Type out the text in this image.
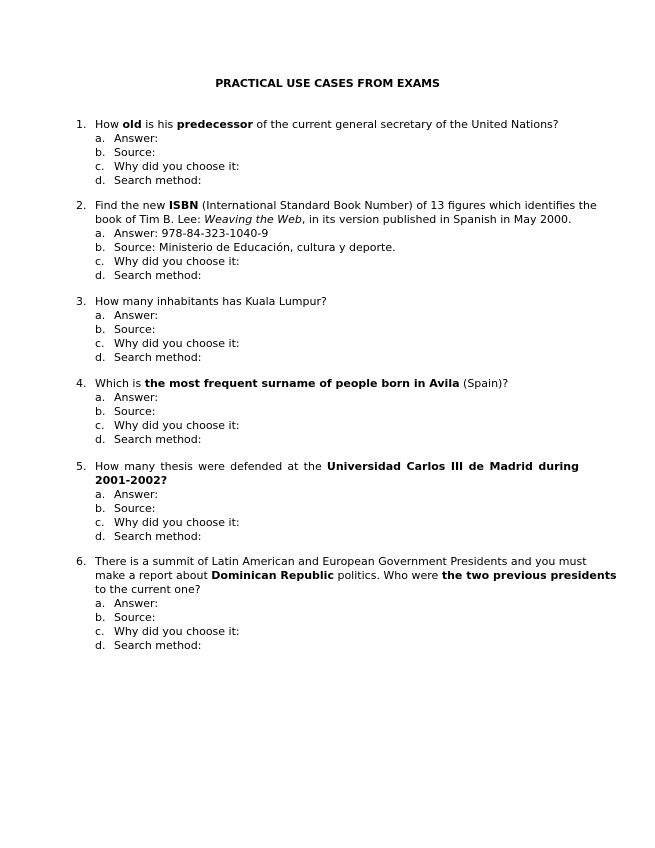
PRACTICAL USE CASES FROM EXAMS
1. How old is his predecessor of the current general secretary of the United Nations?
a. Answer:
b. Source:
c. Why did you choose it:
d. Search method:
2. Find the new ISBN (International Standard Book Number) of 13 figures which identifies the
book of Tim B. Lee: Weaving the Web, in its version published in Spanish in May 2000.
a. Answer: 978-84-323-1040-9
b. Source: Ministerio de Educación, cultura y deporte.
c. Why did you choose it:
d. Search method:
3. How many inhabitants has Kuala Lumpur?
a. Answer:
b. Source:
c. Why did you choose it:
d. Search method:
4. Which is the most frequent surname of people born in Avila (Spain)?
a. Answer:
b. Source:
c. Why did you choose it:
d. Search method:
5. How many thesis were defended at the Universidad Carlos III de Madrid during
2001-2002?
a. Answer:
b. Source:
c. Why did you choose it:
d. Search method:
6. There is a summit of Latin American and European Government Presidents and you must
make a report about Dominican Republic politics. Who were the two previous presidents
to the current one?
a. Answer:
b. Source:
c. Why did you choose it:
d. Search method:
